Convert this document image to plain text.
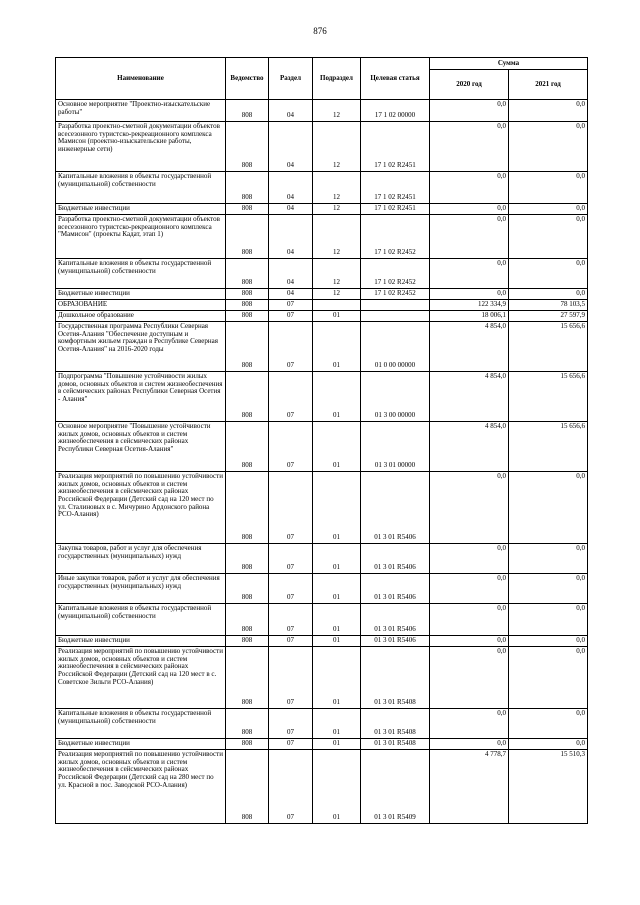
876
Наименование	Ведомство	Раздел	Подраздел	Целевая статья	Сумма	
					2020 год	2021 год
Основное мероприятие "Проектно-изыскательские работы"	808	04	12	17 1 02 00000	0,0	0,0
Разработка проектно-сметной документации объектов всесезонного туристско-рекреационного комплекса Мамисон (проектно-изыскательские работы, инженерные сети)	808	04	12	17 1 02 R2451	0,0	0,0
Капитальные вложения в объекты государственной (муниципальной) собственности	808	04	12	17 1 02 R2451	0,0	0,0
Бюджетные инвестиции	808	04	12	17 1 02 R2451	0,0	0,0
Разработка проектно-сметной документации объектов всесезонного туристско-рекреационного комплекса "Мамисон" (проекты Кадат, этап 1)	808	04	12	17 1 02 R2452	0,0	0,0
Капитальные вложения в объекты государственной (муниципальной) собственности	808	04	12	17 1 02 R2452	0,0	0,0
Бюджетные инвестиции	808	04	12	17 1 02 R2452	0,0	0,0
ОБРАЗОВАНИЕ	808	07			122 334,9	78 103,5
Дошкольное образование	808	07	01		18 006,1	27 597,9
Государственная программа Республики Северная Осетия-Алания "Обеспечение доступным и комфортным жильем граждан в Республике Северная Осетия-Алания" на 2016-2020 годы	808	07	01	01 0 00 00000	4 854,0	15 656,6
Подпрограмма "Повышение устойчивости жилых домов, основных объектов и систем жизнеобеспечения в сейсмических районах Республики Северная Осетия - Алания"	808	07	01	01 3 00 00000	4 854,0	15 656,6
Основное мероприятие "Повышение устойчивости жилых домов, основных объектов и систем жизнеобеспечения в сейсмических районах Республики Северная Осетия-Алания"	808	07	01	01 3 01 00000	4 854,0	15 656,6
Реализация мероприятий по повышению устойчивости жилых домов, основных объектов и систем жизнеобеспечения в сейсмических районах Российской Федерации (Детский сад на 120 мест по ул. Сталиновых в с. Мичурино Ардонского района РСО-Алания)	808	07	01	01 3 01 R5406	0,0	0,0
Закупка товаров, работ и услуг для обеспечения государственных (муниципальных) нужд	808	07	01	01 3 01 R5406	0,0	0,0
Иные закупки товаров, работ и услуг для обеспечения государственных (муниципальных) нужд	808	07	01	01 3 01 R5406	0,0	0,0
Капитальные вложения в объекты государственной (муниципальной) собственности	808	07	01	01 3 01 R5406	0,0	0,0
Бюджетные инвестиции	808	07	01	01 3 01 R5406	0,0	0,0
Реализация мероприятий по повышению устойчивости жилых домов, основных объектов и систем жизнеобеспечения в сейсмических районах Российской Федерации (Детский сад на 120 мест в с. Советское Зильги РСО-Алания)	808	07	01	01 3 01 R5408	0,0	0,0
Капитальные вложения в объекты государственной (муниципальной) собственности	808	07	01	01 3 01 R5408	0,0	0,0
Бюджетные инвестиции	808	07	01	01 3 01 R5408	0,0	0,0
Реализация мероприятий по повышению устойчивости жилых домов, основных объектов и систем жизнеобеспечения в сейсмических районах Российской Федерации (Детский сад на 280 мест по ул. Красной в пос. Заводской РСО-Алания)	808	07	01	01 3 01 R5409	4 778,7	15 510,3
